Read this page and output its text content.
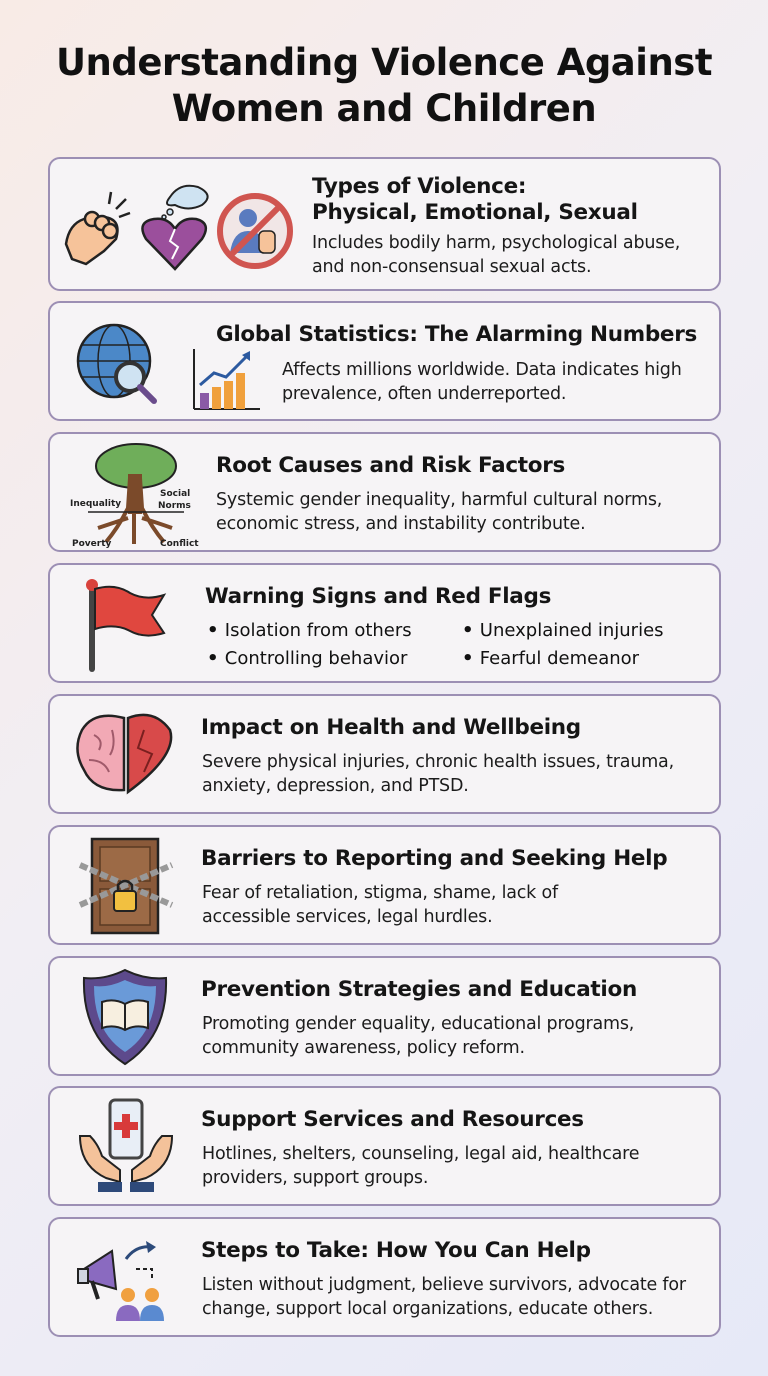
Understanding Violence Against Women and Children
Types of Violence:
Physical, Emotional, Sexual
Includes bodily harm, psychological abuse, and non-consensual sexual acts.
Global Statistics: The Alarming Numbers
Affects millions worldwide. Data indicates high prevalence, often underreported.
Inequality
Social
Norms
Poverty	Conflict
Root Causes and Risk Factors
Systemic gender inequality, harmful cultural norms, economic stress, and instability contribute.
Warning Signs and Red Flags
• Isolation from others
• Controlling behavior
• Unexplained injuries
• Fearful demeanor
Impact on Health and Wellbeing
Severe physical injuries, chronic health issues, trauma, anxiety, depression, and PTSD.
Barriers to Reporting and Seeking Help
Fear of retaliation, stigma, shame, lack of accessible services, legal hurdles.
Prevention Strategies and Education
Promoting gender equality, educational programs, community awareness, policy reform.
Support Services and Resources
Hotlines, shelters, counseling, legal aid, healthcare providers, support groups.
Steps to Take: How You Can Help
Listen without judgment, believe survivors, advocate for change, support local organizations, educate others.
